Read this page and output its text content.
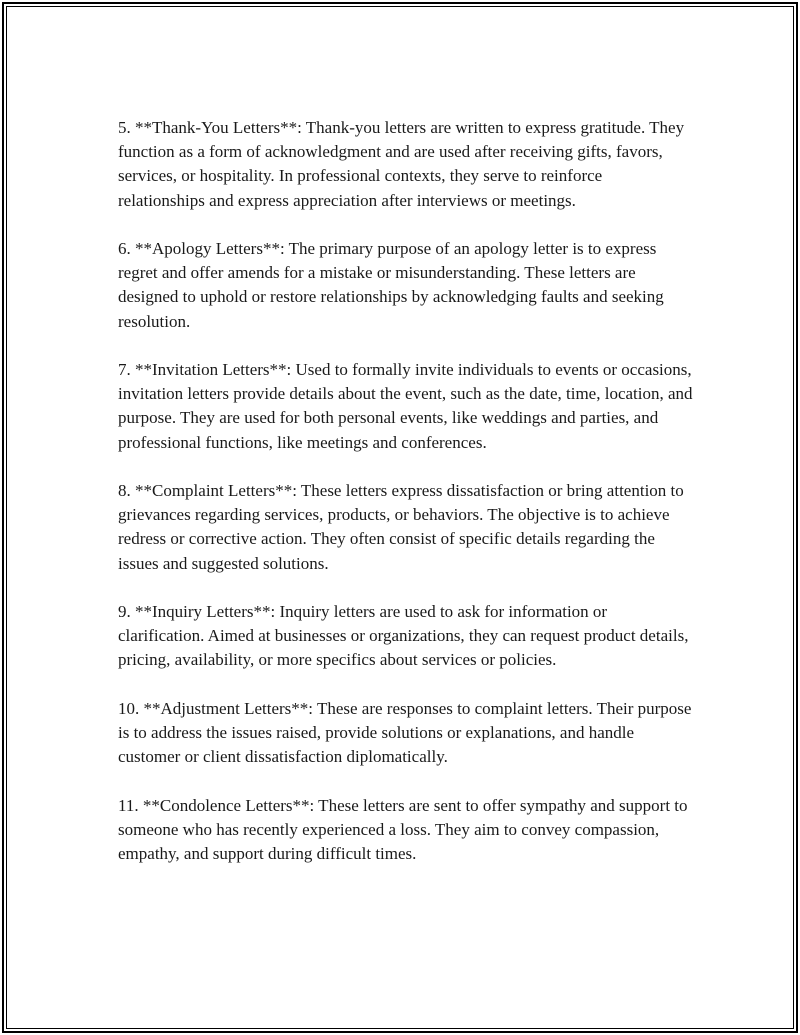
5. **Thank-You Letters**: Thank-you letters are written to express gratitude. They function as a form of acknowledgment and are used after receiving gifts, favors, services, or hospitality. In professional contexts, they serve to reinforce relationships and express appreciation after interviews or meetings.

6. **Apology Letters**: The primary purpose of an apology letter is to express regret and offer amends for a mistake or misunderstanding. These letters are designed to uphold or restore relationships by acknowledging faults and seeking resolution.

7. **Invitation Letters**: Used to formally invite individuals to events or occasions, invitation letters provide details about the event, such as the date, time, location, and purpose. They are used for both personal events, like weddings and parties, and professional functions, like meetings and conferences.

8. **Complaint Letters**: These letters express dissatisfaction or bring attention to grievances regarding services, products, or behaviors. The objective is to achieve redress or corrective action. They often consist of specific details regarding the issues and suggested solutions.

9. **Inquiry Letters**: Inquiry letters are used to ask for information or clarification. Aimed at businesses or organizations, they can request product details, pricing, availability, or more specifics about services or policies.

10. **Adjustment Letters**: These are responses to complaint letters. Their purpose is to address the issues raised, provide solutions or explanations, and handle customer or client dissatisfaction diplomatically.

11. **Condolence Letters**: These letters are sent to offer sympathy and support to someone who has recently experienced a loss. They aim to convey compassion, empathy, and support during difficult times.
